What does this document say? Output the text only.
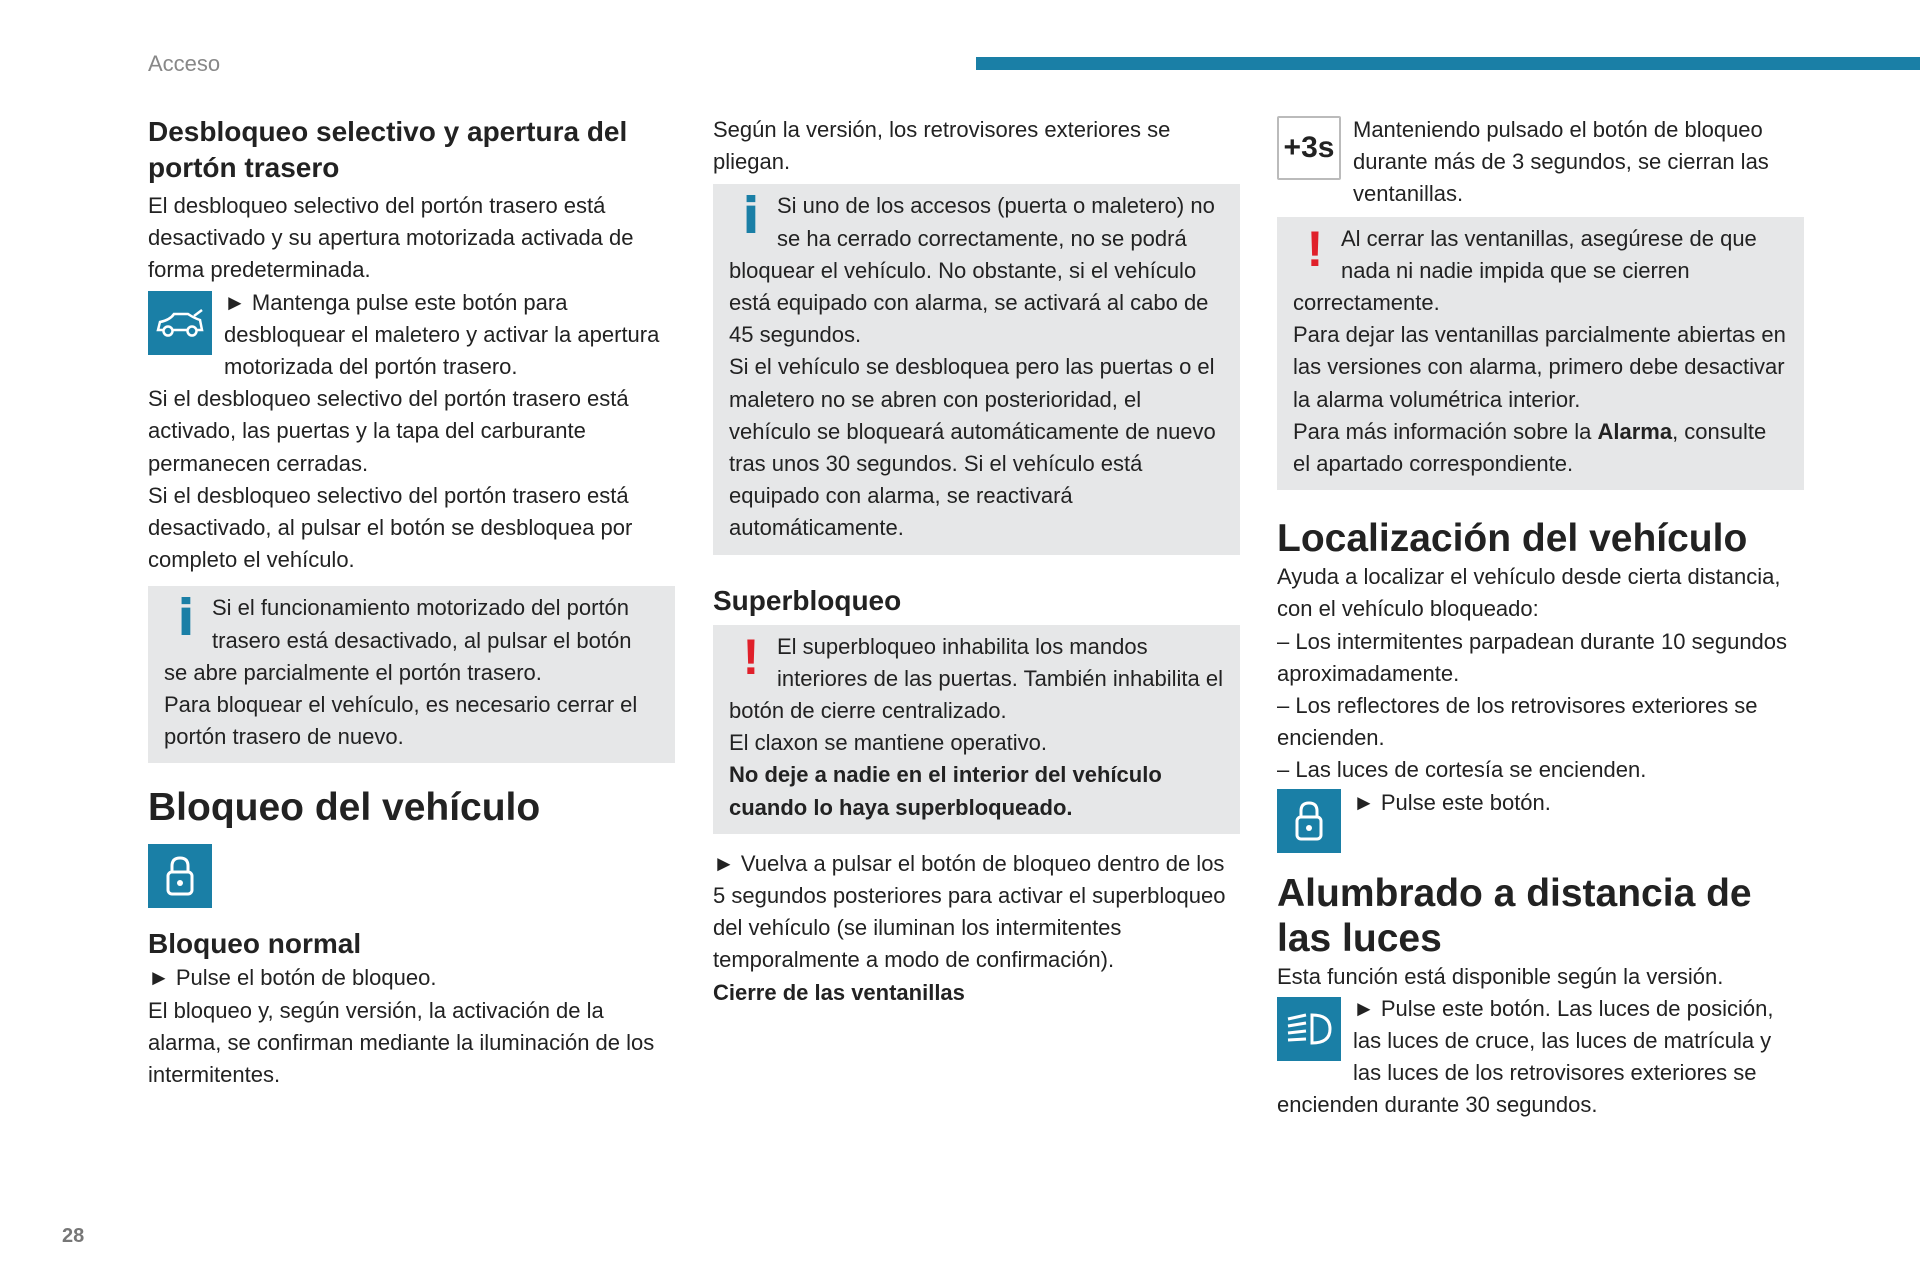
Acceso
28
Desbloqueo selectivo y apertura del portón trasero

El desbloqueo selectivo del portón trasero está desactivado y su apertura motorizada activada de forma predeterminada.

► Mantenga pulse este botón para desbloquear el maletero y activar la apertura motorizada del portón trasero.

Si el desbloqueo selectivo del portón trasero está activado, las puertas y la tapa del carburante permanecen cerradas.

Si el desbloqueo selectivo del portón trasero está desactivado, al pulsar el botón se desbloquea por completo el vehículo.

i Si el funcionamiento motorizado del portón trasero está desactivado, al pulsar el botón se abre parcialmente el portón trasero.

Para bloquear el vehículo, es necesario cerrar el portón trasero de nuevo.

Bloqueo del vehículo
Bloqueo normal

► Pulse el botón de bloqueo.

El bloqueo y, según versión, la activación de la alarma, se confirman mediante la iluminación de los intermitentes.

Según la versión, los retrovisores exteriores se pliegan.

i Si uno de los accesos (puerta o maletero) no se ha cerrado correctamente, no se podrá bloquear el vehículo. No obstante, si el vehículo está equipado con alarma, se activará al cabo de 45 segundos.

Si el vehículo se desbloquea pero las puertas o el maletero no se abren con posterioridad, el vehículo se bloqueará automáticamente de nuevo tras unos 30 segundos. Si el vehículo está equipado con alarma, se reactivará automáticamente.

Superbloqueo
! El superbloqueo inhabilita los mandos interiores de las puertas. También inhabilita el botón de cierre centralizado.

El claxon se mantiene operativo.

No deje a nadie en el interior del vehículo cuando lo haya superbloqueado.

► Vuelva a pulsar el botón de bloqueo dentro de los 5 segundos posteriores para activar el superbloqueo del vehículo (se iluminan los intermitentes temporalmente a modo de confirmación).

Cierre de las ventanillas

+3s

Manteniendo pulsado el botón de bloqueo durante más de 3 segundos, se cierran las ventanillas.

! Al cerrar las ventanillas, asegúrese de que nada ni nadie impida que se cierren correctamente.

Para dejar las ventanillas parcialmente abiertas en las versiones con alarma, primero debe desactivar la alarma volumétrica interior.

Para más información sobre la Alarma, consulte el apartado correspondiente.

Localización del vehículo

Ayuda a localizar el vehículo desde cierta distancia, con el vehículo bloqueado:

– Los intermitentes parpadean durante 10 segundos aproximadamente.

– Los reflectores de los retrovisores exteriores se encienden.

– Las luces de cortesía se encienden.

► Pulse este botón.

Alumbrado a distancia de las luces

Esta función está disponible según la versión.

► Pulse este botón. Las luces de posición, las luces de cruce, las luces de matrícula y las luces de los retrovisores exteriores se encienden durante 30 segundos.
